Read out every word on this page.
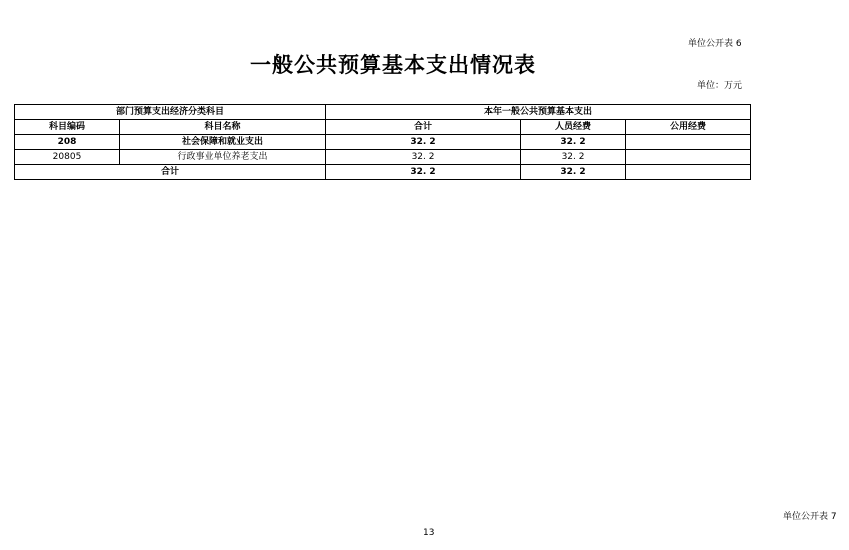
单位公开表 6
一般公共预算基本支出情况表
单位：万元
部门预算支出经济分类科目		本年一般公共预算基本支出		
科目编码	科目名称	合计	人员经费	公用经费
208	社会保障和就业支出	32. 2	32. 2	
20805	行政事业单位养老支出	32. 2	32. 2	
合计		32. 2	32. 2	
单位公开表 7
13
